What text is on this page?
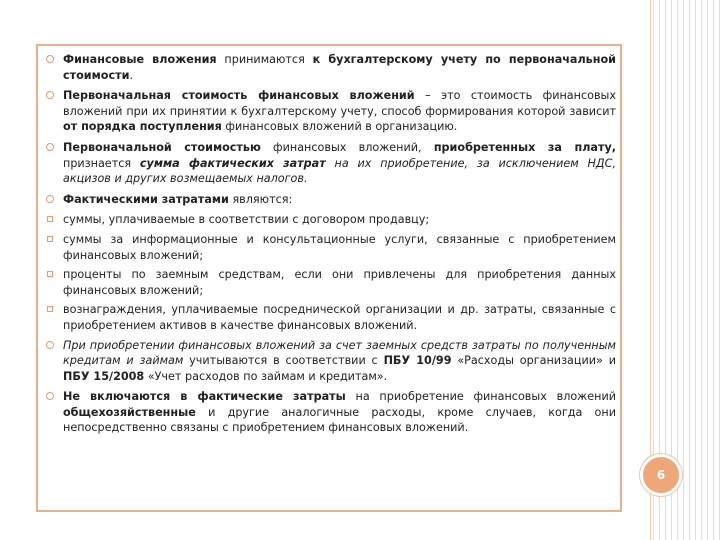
Финансовые вложения принимаются к бухгалтерскому учету по первоначальной стоимости.
Первоначальная стоимость финансовых вложений – это стоимость финансовых вложений при их принятии к бухгалтерскому учету, способ формирования которой зависит от порядка поступления финансовых вложений в организацию.
Первоначальной стоимостью финансовых вложений, приобретенных за плату, признается сумма фактических затрат на их приобретение, за исключением НДС, акцизов и других возмещаемых налогов.
Фактическими затратами являются:
суммы, уплачиваемые в соответствии с договором продавцу;
суммы за информационные и консультационные услуги, связанные с приобретением финансовых вложений;
проценты по заемным средствам, если они привлечены для приобретения данных финансовых вложений;
вознаграждения, уплачиваемые посреднической организации и др. затраты, связанные с приобретением активов в качестве финансовых вложений.
При приобретении финансовых вложений за счет заемных средств затраты по полученным кредитам и займам учитываются в соответствии с ПБУ 10/99 «Расходы организации» и ПБУ 15/2008 «Учет расходов по займам и кредитам».
Не включаются в фактические затраты на приобретение финансовых вложений общехозяйственные и другие аналогичные расходы, кроме случаев, когда они непосредственно связаны с приобретением финансовых вложений.
6
